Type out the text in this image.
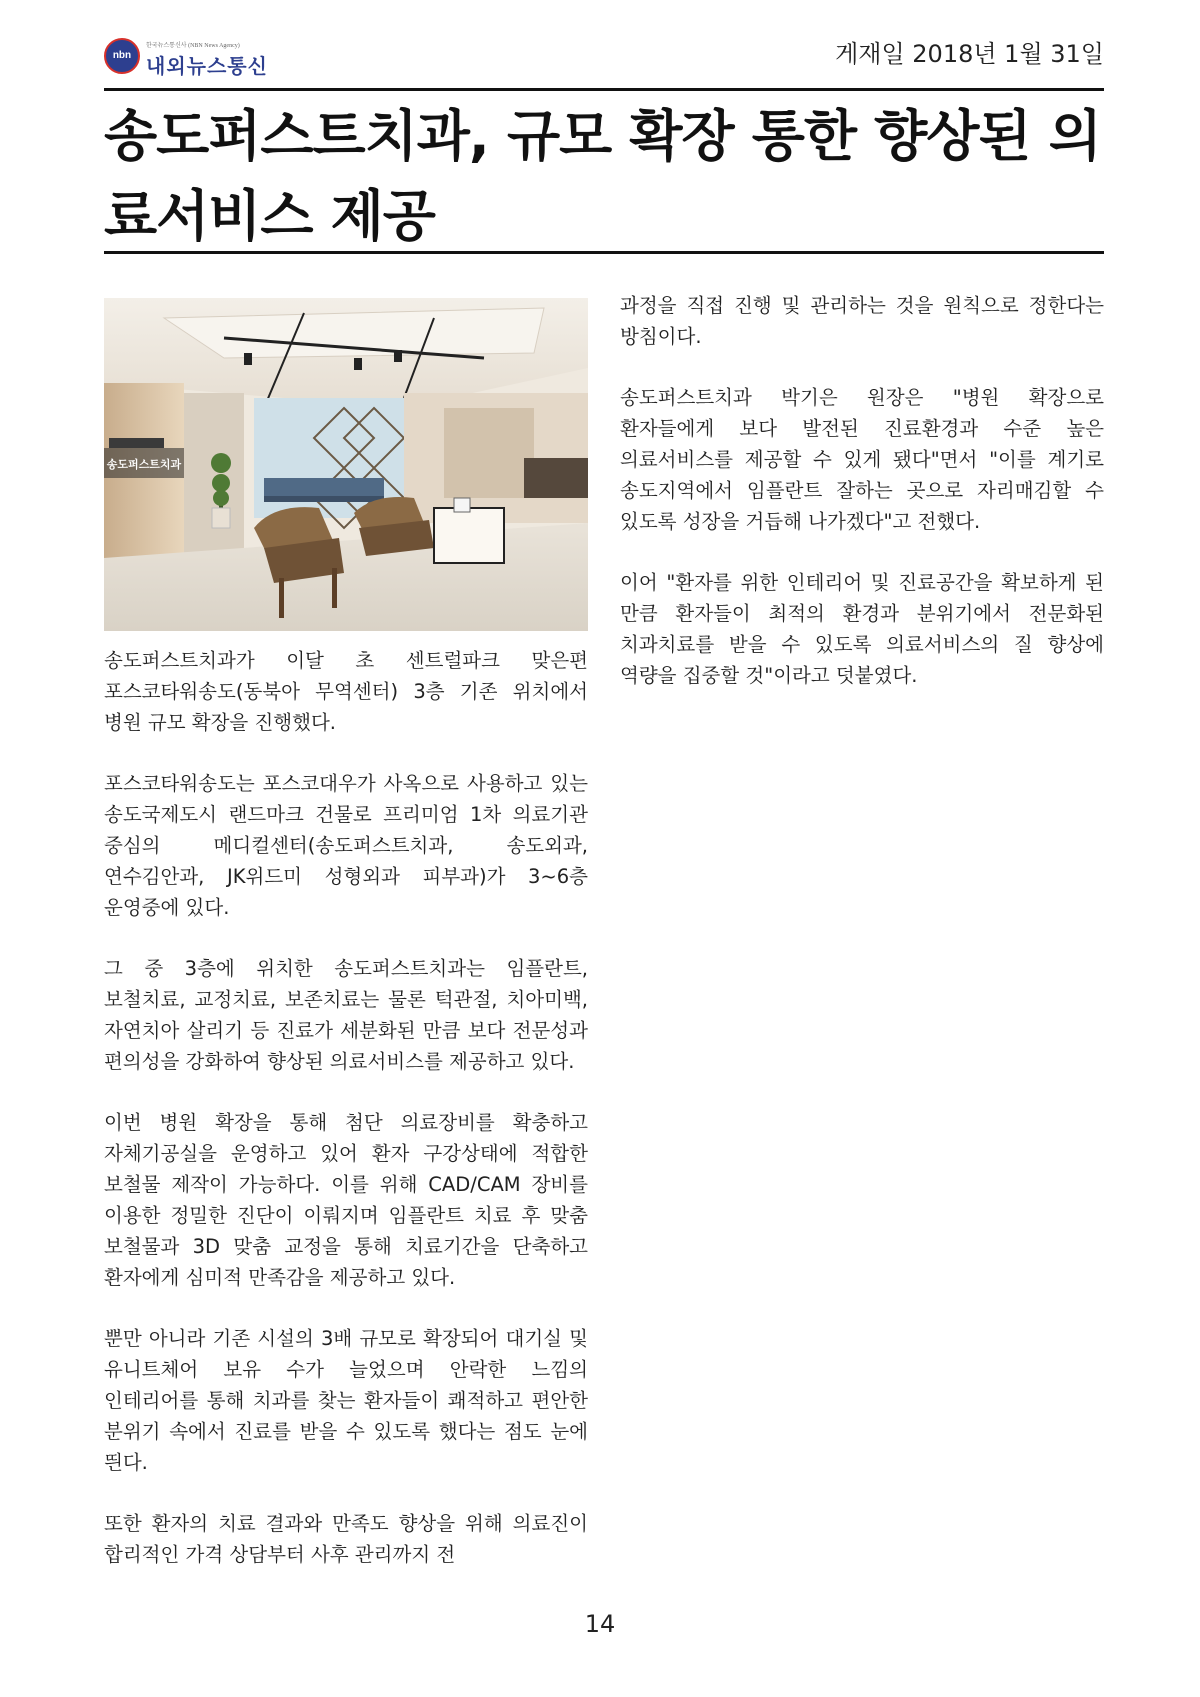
nbn
한국뉴스통신사 (NBN News Agency)
내외뉴스통신	게재일 2018년 1월 31일
송도퍼스트치과, 규모 확장 통한 향상된 의료서비스 제공
송도퍼스트치과

송도퍼스트치과가 이달 초 센트럴파크 맞은편 포스코타워송도(동북아 무역센터) 3층 기존 위치에서 병원 규모 확장을 진행했다.

포스코타워송도는 포스코대우가 사옥으로 사용하고 있는 송도국제도시 랜드마크 건물로 프리미엄 1차 의료기관 중심의 메디컬센터(송도퍼스트치과, 송도외과, 연수김안과, JK위드미 성형외과 피부과)가 3~6층 운영중에 있다.

그 중 3층에 위치한 송도퍼스트치과는 임플란트, 보철치료, 교정치료, 보존치료는 물론 턱관절, 치아미백, 자연치아 살리기 등 진료가 세분화된 만큼 보다 전문성과 편의성을 강화하여 향상된 의료서비스를 제공하고 있다.

이번 병원 확장을 통해 첨단 의료장비를 확충하고 자체기공실을 운영하고 있어 환자 구강상태에 적합한 보철물 제작이 가능하다. 이를 위해 CAD/CAM 장비를 이용한 정밀한 진단이 이뤄지며 임플란트 치료 후 맞춤 보철물과 3D 맞춤 교정을 통해 치료기간을 단축하고 환자에게 심미적 만족감을 제공하고 있다.

뿐만 아니라 기존 시설의 3배 규모로 확장되어 대기실 및 유니트체어 보유 수가 늘었으며 안락한 느낌의 인테리어를 통해 치과를 찾는 환자들이 쾌적하고 편안한 분위기 속에서 진료를 받을 수 있도록 했다는 점도 눈에 띈다.

또한 환자의 치료 결과와 만족도 향상을 위해 의료진이 합리적인 가격 상담부터 사후 관리까지 전

과정을 직접 진행 및 관리하는 것을 원칙으로 정한다는 방침이다.

송도퍼스트치과 박기은 원장은 "병원 확장으로 환자들에게 보다 발전된 진료환경과 수준 높은 의료서비스를 제공할 수 있게 됐다"면서 "이를 계기로 송도지역에서 임플란트 잘하는 곳으로 자리매김할 수 있도록 성장을 거듭해 나가겠다"고 전했다.

이어 "환자를 위한 인테리어 및 진료공간을 확보하게 된 만큼 환자들이 최적의 환경과 분위기에서 전문화된 치과치료를 받을 수 있도록 의료서비스의 질 향상에 역량을 집중할 것"이라고 덧붙였다.

14
